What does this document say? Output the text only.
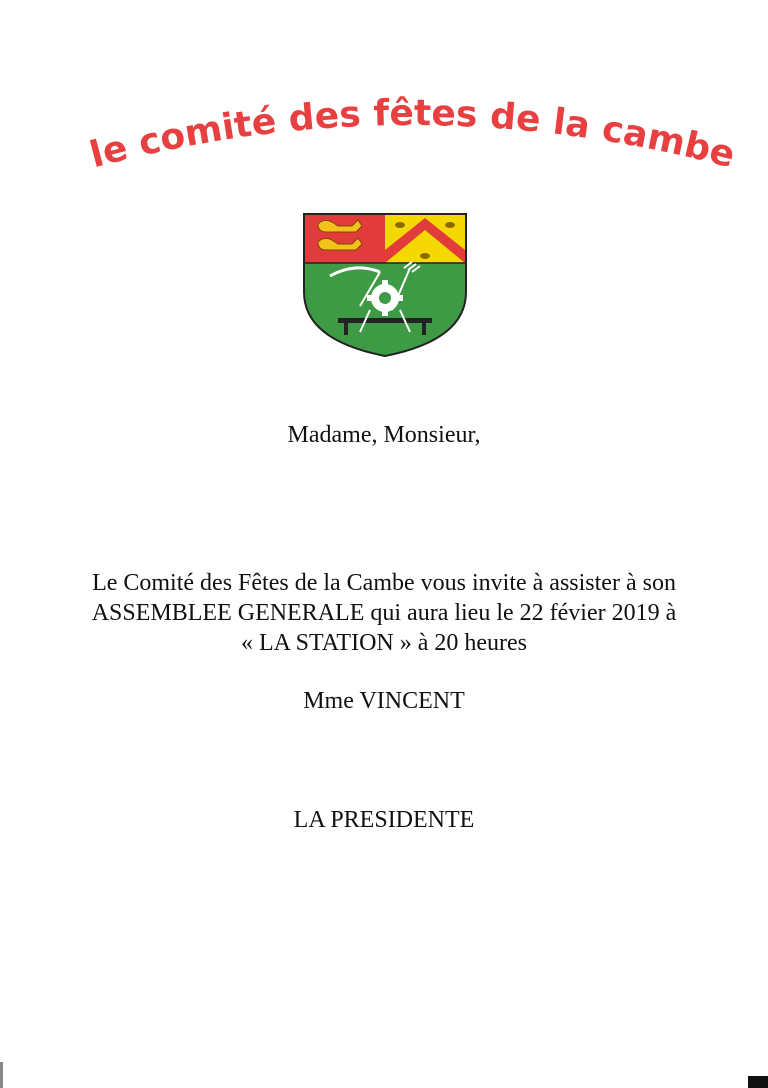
le comité des fêtes de la cambe
Madame, Monsieur,
Le Comité des Fêtes de la Cambe vous invite à assister à son
ASSEMBLEE GENERALE qui aura lieu le 22 févier 2019 à
« LA STATION » à 20 heures
Mme VINCENT
LA PRESIDENTE
